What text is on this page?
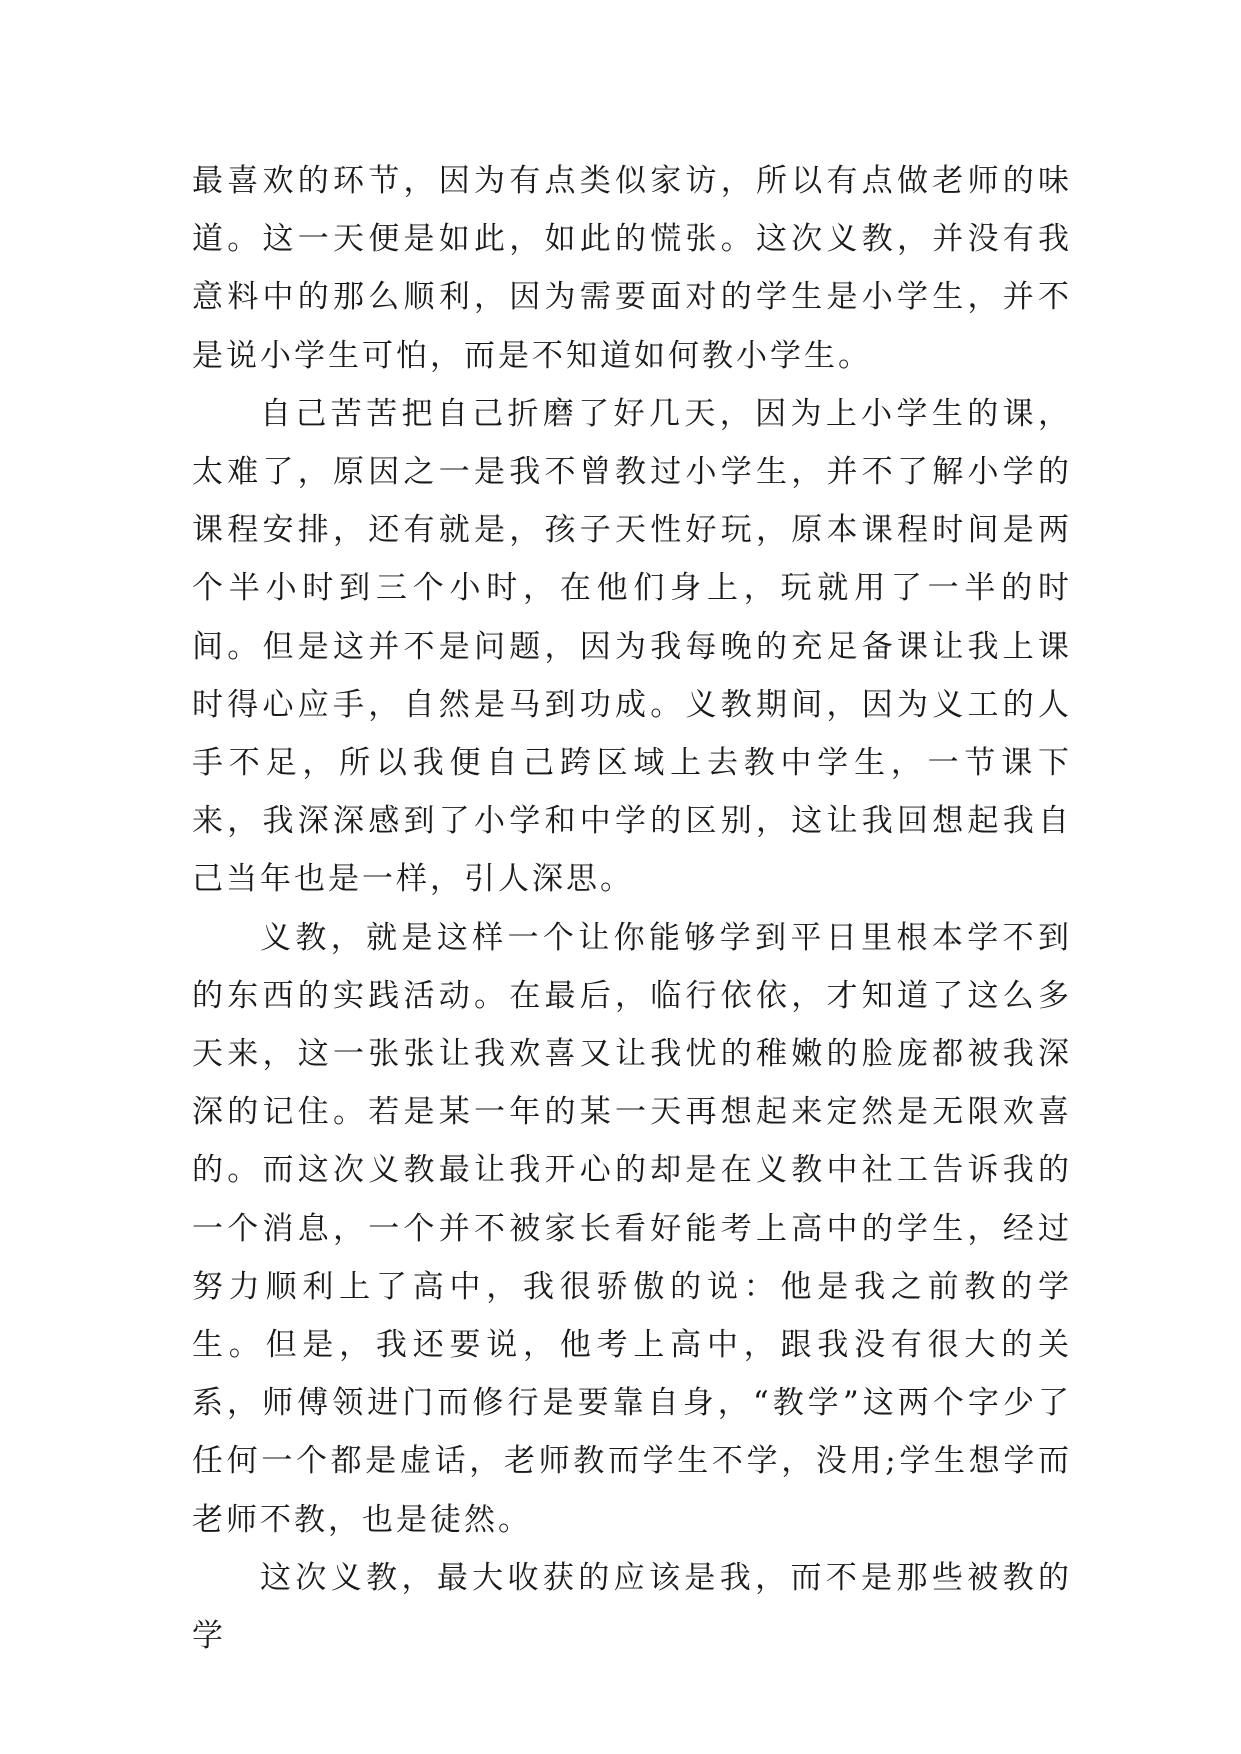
最喜欢的环节，因为有点类似家访，所以有点做老师的味道。这一天便是如此，如此的慌张。这次义教，并没有我意料中的那么顺利，因为需要面对的学生是小学生，并不是说小学生可怕，而是不知道如何教小学生。

自己苦苦把自己折磨了好几天，因为上小学生的课，太难了，原因之一是我不曾教过小学生，并不了解小学的课程安排，还有就是，孩子天性好玩，原本课程时间是两个半小时到三个小时，在他们身上，玩就用了一半的时间。但是这并不是问题，因为我每晚的充足备课让我上课时得心应手，自然是马到功成。义教期间，因为义工的人手不足，所以我便自己跨区域上去教中学生，一节课下来，我深深感到了小学和中学的区别，这让我回想起我自己当年也是一样，引人深思。

义教，就是这样一个让你能够学到平日里根本学不到的东西的实践活动。在最后，临行依依，才知道了这么多天来，这一张张让我欢喜又让我忧的稚嫩的脸庞都被我深深的记住。若是某一年的某一天再想起来定然是无限欢喜的。而这次义教最让我开心的却是在义教中社工告诉我的一个消息，一个并不被家长看好能考上高中的学生，经过努力顺利上了高中，我很骄傲的说：他是我之前教的学生。但是，我还要说，他考上高中，跟我没有很大的关系，师傅领进门而修行是要靠自身，“教学”这两个字少了任何一个都是虚话，老师教而学生不学，没用;学生想学而老师不教，也是徒然。

这次义教，最大收获的应该是我，而不是那些被教的学
